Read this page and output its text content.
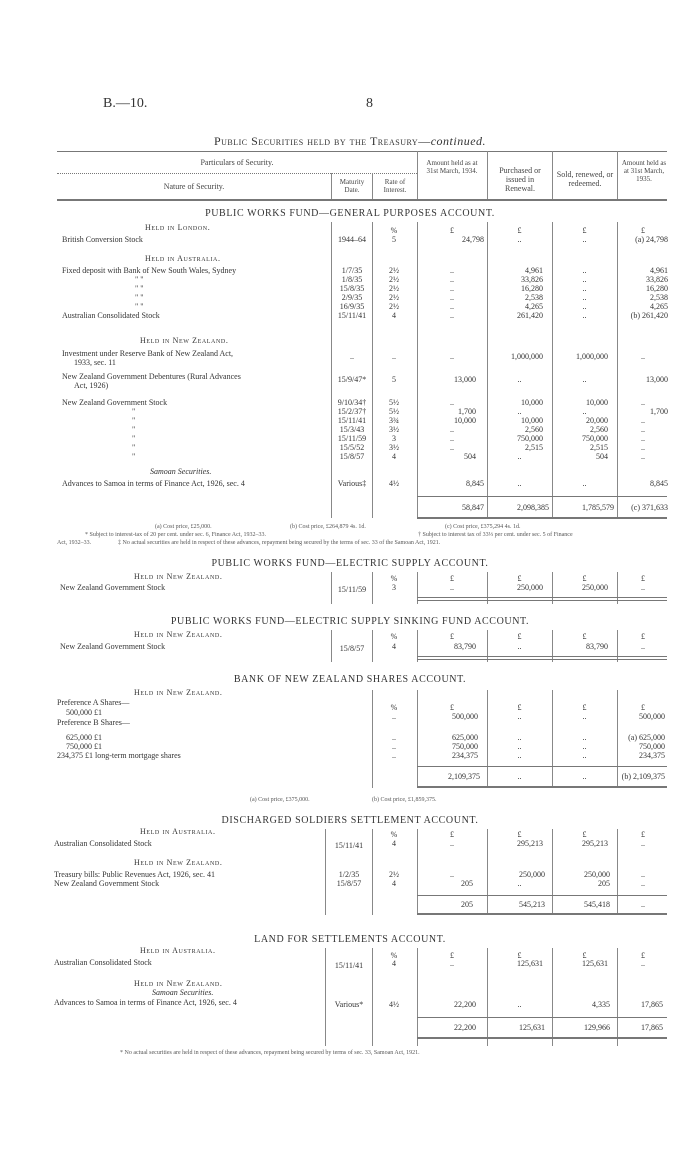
B.—10.	8
Public Securities held by the Treasury—continued.
Particulars of Security.
Nature of Security.	Maturity Date.
Rate of Interest.
Amount held as at 31st March, 1934.	Purchased or issued in Renewal.
Sold, renewed, or redeemed.
Amount held as at 31st March, 1935.
PUBLIC WORKS FUND—GENERAL PURPOSES ACCOUNT.
%	£	£	£	£
Held in London.
British Conversion Stock	1944–64	5	24,798	..	..	(a) 24,798
Held in Australia.
Fixed deposit with Bank of New South Wales, Sydney	1/7/35	2½	..	4,961	..	4,961
" "	1/8/35	2½	..	33,826	..	33,826
" "	15/8/35	2½	..	16,280	..	16,280
" "	2/9/35	2½	..	2,538	..	2,538
" "	16/9/35	2½	..	4,265	..	4,265
Australian Consolidated Stock	15/11/41	4	..	261,420	..	(b) 261,420
Held in New Zealand.
Investment under Reserve Bank of New Zealand Act,
1933, sec. 11
..	..	..	1,000,000	1,000,000	..
New Zealand Government Debentures (Rural Advances
Act, 1926)
15/9/47*	5	13,000	..	..	13,000
New Zealand Government Stock	9/10/34†	5½	..	10,000	10,000	..
"	15/2/37†	5½	1,700	..	..	1,700
"	15/11/41	3¾	10,000	10,000	20,000	..
"	15/3/43	3½	..	2,560	2,560	..
"	15/11/59	3	..	750,000	750,000	..
"	15/5/52	3½	..	2,515	2,515	..
"	15/8/57	4	504	..	504	..
Samoan Securities.
Advances to Samoa in terms of Finance Act, 1926, sec. 4	Various‡	4½	8,845	..	..	8,845
58,847	2,098,385	1,785,579	(c) 371,633
(a) Cost price, £25,000.	(b) Cost price, £264,879 4s. 1d.	(c) Cost price, £375,294 4s. 1d.
* Subject to interest-tax of 20 per cent. under sec. 6, Finance Act, 1932–33.	† Subject to interest tax of 33⅓ per cent. under sec. 5 of Finance
Act, 1932–33.	‡ No actual securities are held in respect of these advances, repayment being secured by the terms of sec. 33 of the Samoan Act, 1921.
PUBLIC WORKS FUND—ELECTRIC SUPPLY ACCOUNT.
Held in New Zealand.	%	£	£	£	£
New Zealand Government Stock	15/11/59	3	..	250,000	250,000	..
PUBLIC WORKS FUND—ELECTRIC SUPPLY SINKING FUND ACCOUNT.
Held in New Zealand.	%	£	£	£	£
New Zealand Government Stock	15/8/57	4	83,790	..	83,790	..
BANK OF NEW ZEALAND SHARES ACCOUNT.
Held in New Zealand.
%	£	£	£	£
Preference A Shares—
500,000 £1	..	500,000	..	..	500,000
Preference B Shares—
625,000 £1	..	625,000	..	..	(a) 625,000
750,000 £1	..	750,000	..	..	750,000
234,375 £1 long-term mortgage shares	..	234,375	..	..	234,375
2,109,375	..	..	(b) 2,109,375
(a) Cost price, £375,000.	(b) Cost price, £1,859,375.
DISCHARGED SOLDIERS SETTLEMENT ACCOUNT.
Held in Australia.	%	£	£	£	£
Australian Consolidated Stock	15/11/41	4	..	295,213	295,213	..
Held in New Zealand.
Treasury bills: Public Revenues Act, 1926, sec. 41	1/2/35	2½	..	250,000	250,000	..
New Zealand Government Stock	15/8/57	4	205	..	205	..
205	545,213	545,418	..
LAND FOR SETTLEMENTS ACCOUNT.
Held in Australia.
%	£	£	£	£
Australian Consolidated Stock	15/11/41	4	..	125,631	125,631	..
Held in New Zealand.
Samoan Securities.
Advances to Samoa in terms of Finance Act, 1926, sec. 4	Various*	4½	22,200	..	4,335	17,865
22,200	125,631	129,966	17,865
* No actual securities are held in respect of these advances, repayment being secured by terms of sec. 33, Samoan Act, 1921.
